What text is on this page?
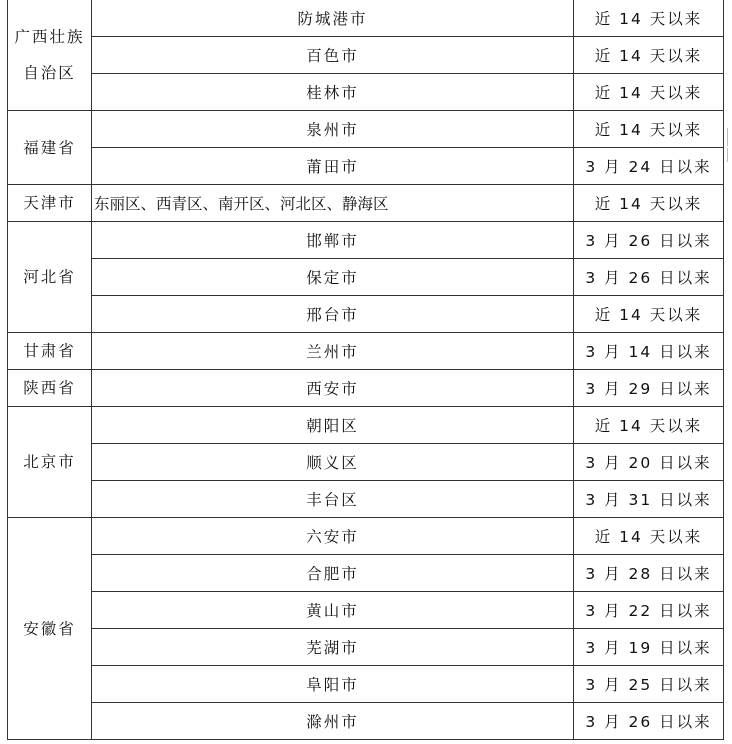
广西壮族自治区	防城港市	近 14 天以来
	百色市	近 14 天以来
	桂林市	近 14 天以来
福建省	泉州市	近 14 天以来
	莆田市	3 月 24 日以来
天津市	东丽区、西青区、南开区、河北区、静海区	近 14 天以来
河北省	邯郸市	3 月 26 日以来
	保定市	3 月 26 日以来
	邢台市	近 14 天以来
甘肃省	兰州市	3 月 14 日以来
陕西省	西安市	3 月 29 日以来
北京市	朝阳区	近 14 天以来
	顺义区	3 月 20 日以来
	丰台区	3 月 31 日以来
安徽省	六安市	近 14 天以来
	合肥市	3 月 28 日以来
	黄山市	3 月 22 日以来
	芜湖市	3 月 19 日以来
	阜阳市	3 月 25 日以来
	滁州市	3 月 26 日以来
